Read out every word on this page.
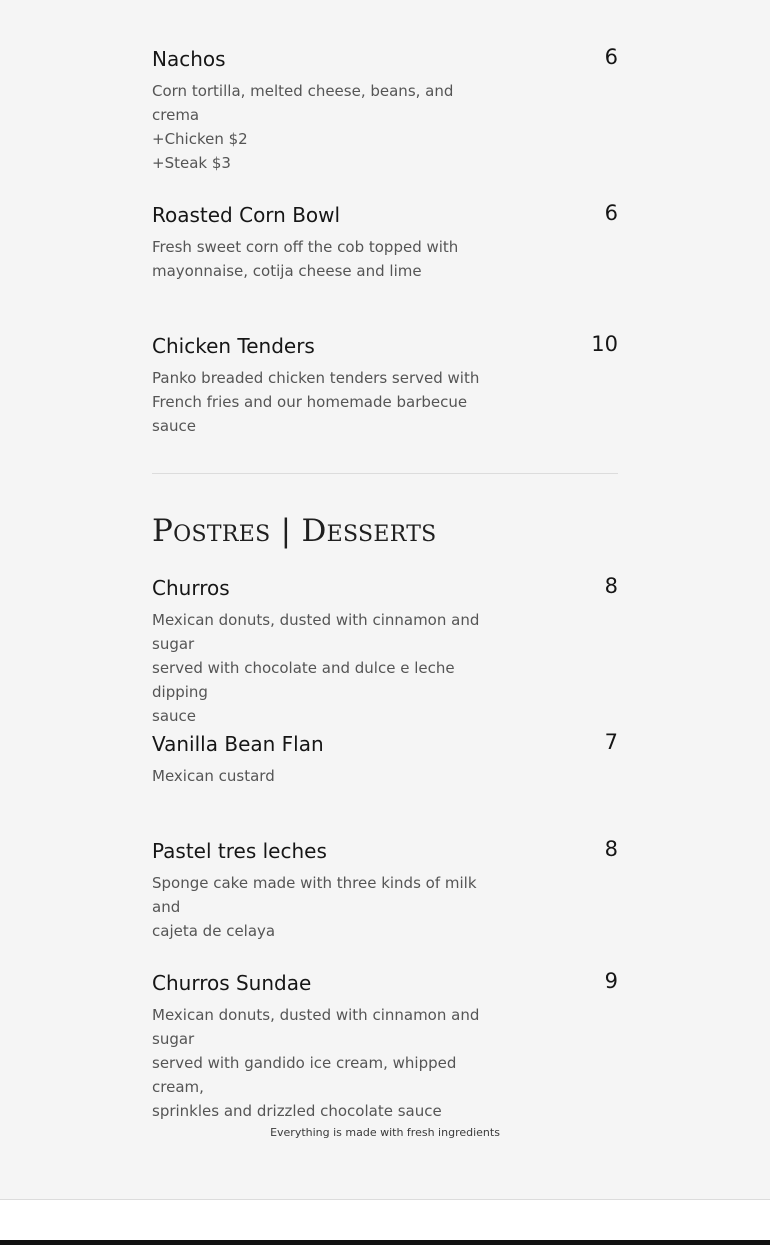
Nachos	6
Corn tortilla, melted cheese, beans, and crema
+Chicken $2
+Steak $3
Roasted Corn Bowl	6
Fresh sweet corn off the cob topped with
mayonnaise, cotija cheese and lime
Chicken Tenders	10
Panko breaded chicken tenders served with
French fries and our homemade barbecue sauce
Postres | Desserts
Churros	8
Mexican donuts, dusted with cinnamon and sugar
served with chocolate and dulce e leche dipping
sauce
Vanilla Bean Flan	7
Mexican custard
Pastel tres leches	8
Sponge cake made with three kinds of milk and
cajeta de celaya
Churros Sundae	9
Mexican donuts, dusted with cinnamon and sugar
served with gandido ice cream, whipped cream,
sprinkles and drizzled chocolate sauce
Everything is made with fresh ingredients
